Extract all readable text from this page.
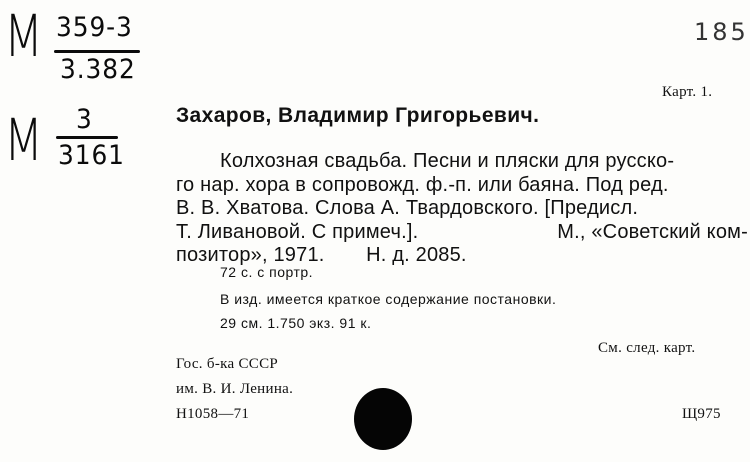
М 359-3
3.382
М 3
3161
185
Карт. 1.
Захаров, Владимир Григорьевич.
Колхозная свадьба. Песни и пляски для русско-
го нар. хора в сопровожд. ф.-п. или баяна. Под ред.
В. В. Хватова. Слова А. Твардовского. [Предисл.
Т. Ливановой. С примеч.].	М., «Советский ком-
позитор», 1971. Н. д. 2085.
72 с. с портр.
В изд. имеется краткое содержание постановки.
29 см. 1.750 экз. 91 к.
См. след. карт.
Гос. б-ка СССР
им. В. И. Ленина.
Н1058—71	Щ975
